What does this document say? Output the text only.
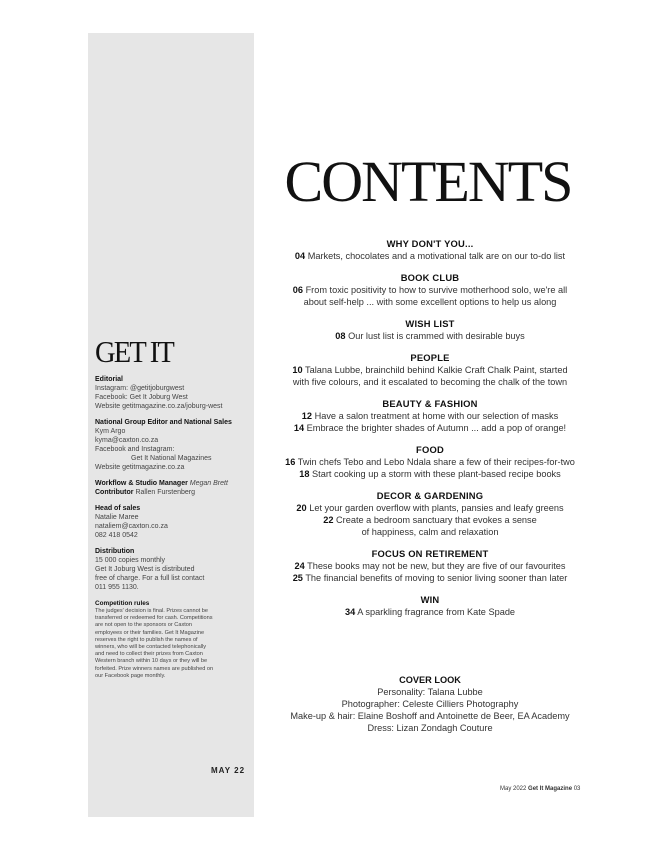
GET IT
Editorial
Instagram: @getitjoburgwest
Facebook: Get It Joburg West
Website getitmagazine.co.za/joburg-west
National Group Editor and National Sales
Kym Argo
kyma@caxton.co.za
Facebook and Instagram:
Get It National Magazines
Website getitmagazine.co.za
Workflow & Studio Manager Megan Brett
Contributor Rallen Furstenberg
Head of sales
Natalie Maree
nataliem@caxton.co.za
082 418 0542
Distribution
15 000 copies monthly
Get It Joburg West is distributed
free of charge. For a full list contact
011 955 1130.
Competition rules
The judges' decision is final. Prizes cannot be
transferred or redeemed for cash. Competitions
are not open to the sponsors or Caxton
employees or their families. Get It Magazine
reserves the right to publish the names of
winners, who will be contacted telephonically
and need to collect their prizes from Caxton
Western branch within 10 days or they will be
forfeited. Prize winners names are published on
our Facebook page monthly.
MAY 22
CONTENTS
WHY DON'T YOU...
04 Markets, chocolates and a motivational talk are on our to-do list
BOOK CLUB
06 From toxic positivity to how to survive motherhood solo, we're all
about self-help ... with some excellent options to help us along
WISH LIST
08 Our lust list is crammed with desirable buys
PEOPLE
10 Talana Lubbe, brainchild behind Kalkie Craft Chalk Paint, started
with five colours, and it escalated to becoming the chalk of the town
BEAUTY & FASHION
12 Have a salon treatment at home with our selection of masks
14 Embrace the brighter shades of Autumn ... add a pop of orange!
FOOD
16 Twin chefs Tebo and Lebo Ndala share a few of their recipes-for-two
18 Start cooking up a storm with these plant-based recipe books
DECOR & GARDENING
20 Let your garden overflow with plants, pansies and leafy greens
22 Create a bedroom sanctuary that evokes a sense
of happiness, calm and relaxation
FOCUS ON RETIREMENT
24 These books may not be new, but they are five of our favourites
25 The financial benefits of moving to senior living sooner than later
WIN
34 A sparkling fragrance from Kate Spade
COVER LOOK
Personality: Talana Lubbe
Photographer: Celeste Cilliers Photography
Make-up & hair: Elaine Boshoff and Antoinette de Beer, EA Academy
Dress: Lizan Zondagh Couture
May 2022 Get It Magazine 03
